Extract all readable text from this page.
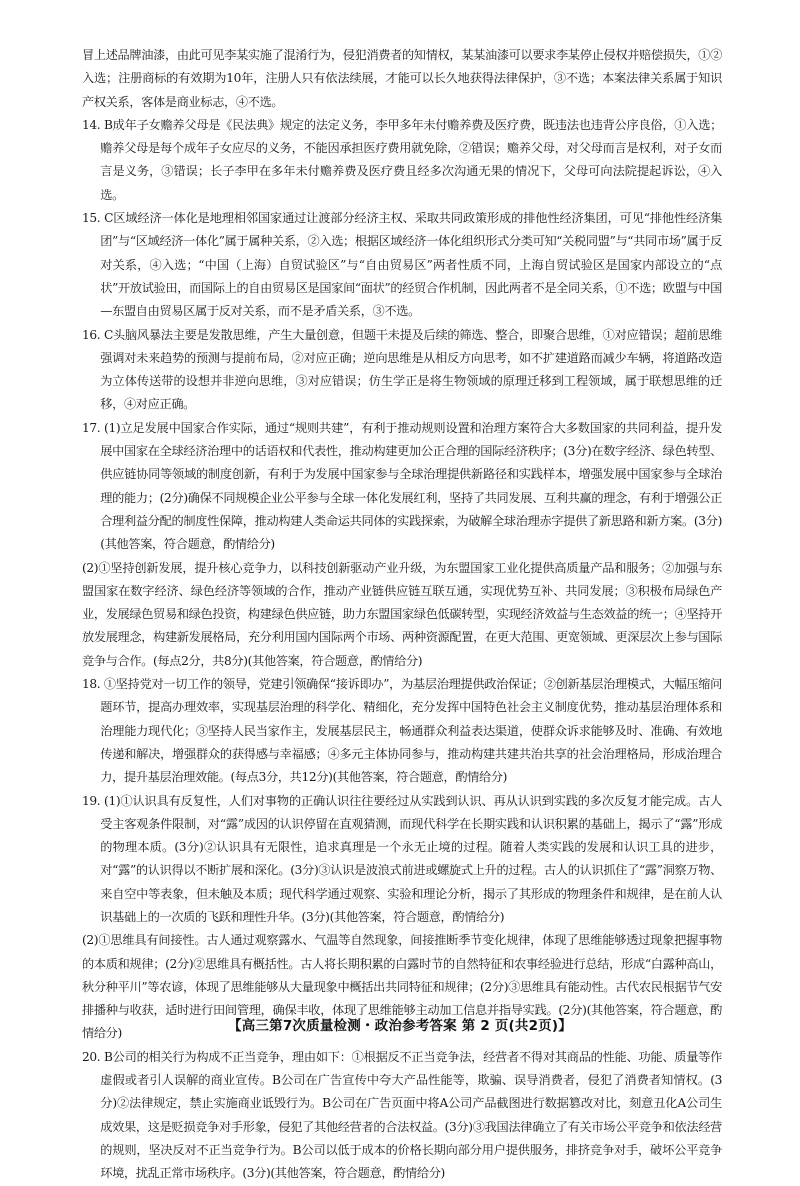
冒上述品牌油漆，由此可见李某实施了混淆行为，侵犯消费者的知情权，某某油漆可以要求李某停止侵权并赔偿损失，①②入选；注册商标的有效期为10年，注册人只有依法续展，才能可以长久地获得法律保护，③不选；本案法律关系属于知识产权关系，客体是商业标志，④不选。

14. B成年子女赡养父母是《民法典》规定的法定义务，李甲多年未付赡养费及医疗费，既违法也违背公序良俗，①入选；赡养父母是每个成年子女应尽的义务，不能因承担医疗费用就免除，②错误；赡养父母，对父母而言是权利，对子女而言是义务，③错误；长子李甲在多年未付赡养费及医疗费且经多次沟通无果的情况下，父母可向法院提起诉讼，④入选。

15. C区域经济一体化是地理相邻国家通过让渡部分经济主权、采取共同政策形成的排他性经济集团，可见“排他性经济集团”与“区域经济一体化”属于属种关系，②入选；根据区域经济一体化组织形式分类可知“关税同盟”与“共同市场”属于反对关系，④入选；“中国（上海）自贸试验区”与“自由贸易区”两者性质不同，上海自贸试验区是国家内部设立的“点状”开放试验田，而国际上的自由贸易区是国家间“面状”的经贸合作机制，因此两者不是全同关系，①不选；欧盟与中国—东盟自由贸易区属于反对关系，而不是矛盾关系，③不选。

16. C头脑风暴法主要是发散思维，产生大量创意，但题干未提及后续的筛选、整合，即聚合思维，①对应错误；超前思维强调对未来趋势的预测与提前布局，②对应正确；逆向思维是从相反方向思考，如不扩建道路而减少车辆，将道路改造为立体传送带的设想并非逆向思维，③对应错误；仿生学正是将生物领域的原理迁移到工程领域，属于联想思维的迁移，④对应正确。

17. (1)立足发展中国家合作实际，通过“规则共建”，有利于推动规则设置和治理方案符合大多数国家的共同利益，提升发展中国家在全球经济治理中的话语权和代表性，推动构建更加公正合理的国际经济秩序；(3分)在数字经济、绿色转型、供应链协同等领域的制度创新，有利于为发展中国家参与全球治理提供新路径和实践样本，增强发展中国家参与全球治理的能力；(2分)确保不同规模企业公平参与全球一体化发展红利，坚持了共同发展、互利共赢的理念，有利于增强公正合理利益分配的制度性保障，推动构建人类命运共同体的实践探索，为破解全球治理赤字提供了新思路和新方案。(3分)(其他答案，符合题意，酌情给分)

(2)①坚持创新发展，提升核心竞争力，以科技创新驱动产业升级，为东盟国家工业化提供高质量产品和服务；②加强与东盟国家在数字经济、绿色经济等领域的合作，推动产业链供应链互联互通，实现优势互补、共同发展；③积极布局绿色产业，发展绿色贸易和绿色投资，构建绿色供应链，助力东盟国家绿色低碳转型，实现经济效益与生态效益的统一；④坚持开放发展理念，构建新发展格局，充分利用国内国际两个市场、两种资源配置，在更大范围、更宽领域、更深层次上参与国际竞争与合作。(每点2分，共8分)(其他答案，符合题意，酌情给分)

18. ①坚持党对一切工作的领导，党建引领确保“接诉即办”，为基层治理提供政治保证；②创新基层治理模式，大幅压缩问题环节，提高办理效率，实现基层治理的科学化、精细化，充分发挥中国特色社会主义制度优势，推动基层治理体系和治理能力现代化；③坚持人民当家作主，发展基层民主，畅通群众利益表达渠道，使群众诉求能够及时、准确、有效地传递和解决，增强群众的获得感与幸福感；④多元主体协同参与，推动构建共建共治共享的社会治理格局，形成治理合力，提升基层治理效能。(每点3分，共12分)(其他答案，符合题意，酌情给分)

19. (1)①认识具有反复性，人们对事物的正确认识往往要经过从实践到认识、再从认识到实践的多次反复才能完成。古人受主客观条件限制，对“露”成因的认识停留在直观猜测，而现代科学在长期实践和认识积累的基础上，揭示了“露”形成的物理本质。(3分)②认识具有无限性，追求真理是一个永无止境的过程。随着人类实践的发展和认识工具的进步，对“露”的认识得以不断扩展和深化。(3分)③认识是波浪式前进或螺旋式上升的过程。古人的认识抓住了“露”洞察万物、来自空中等表象，但未触及本质；现代科学通过观察、实验和理论分析，揭示了其形成的物理条件和规律，是在前人认识基础上的一次质的飞跃和理性升华。(3分)(其他答案，符合题意，酌情给分)

(2)①思维具有间接性。古人通过观察露水、气温等自然现象，间接推断季节变化规律，体现了思维能够透过现象把握事物的本质和规律；(2分)②思维具有概括性。古人将长期积累的白露时节的自然特征和农事经验进行总结，形成“白露种高山，秋分种平川”等农谚，体现了思维能够从大量现象中概括出共同特征和规律；(2分)③思维具有能动性。古代农民根据节气安排播种与收获，适时进行田间管理，确保丰收，体现了思维能够主动加工信息并指导实践。(2分)(其他答案，符合题意，酌情给分)

20. B公司的相关行为构成不正当竞争，理由如下：①根据反不正当竞争法，经营者不得对其商品的性能、功能、质量等作虚假或者引人误解的商业宣传。B公司在广告宣传中夸大产品性能等，欺骗、误导消费者，侵犯了消费者知情权。(3分)②法律规定，禁止实施商业诋毁行为。B公司在广告页面中将A公司产品截图进行数据篡改对比，刻意丑化A公司生成效果，这是贬损竞争对手形象，侵犯了其他经营者的合法权益。(3分)③我国法律确立了有关市场公平竞争和依法经营的规则，坚决反对不正当竞争行为。B公司以低于成本的价格长期向部分用户提供服务，排挤竞争对手，破坏公平竞争环境，扰乱正常市场秩序。(3分)(其他答案，符合题意，酌情给分)

【高三第7次质量检测・政治参考答案 第 2 页(共2页)】
